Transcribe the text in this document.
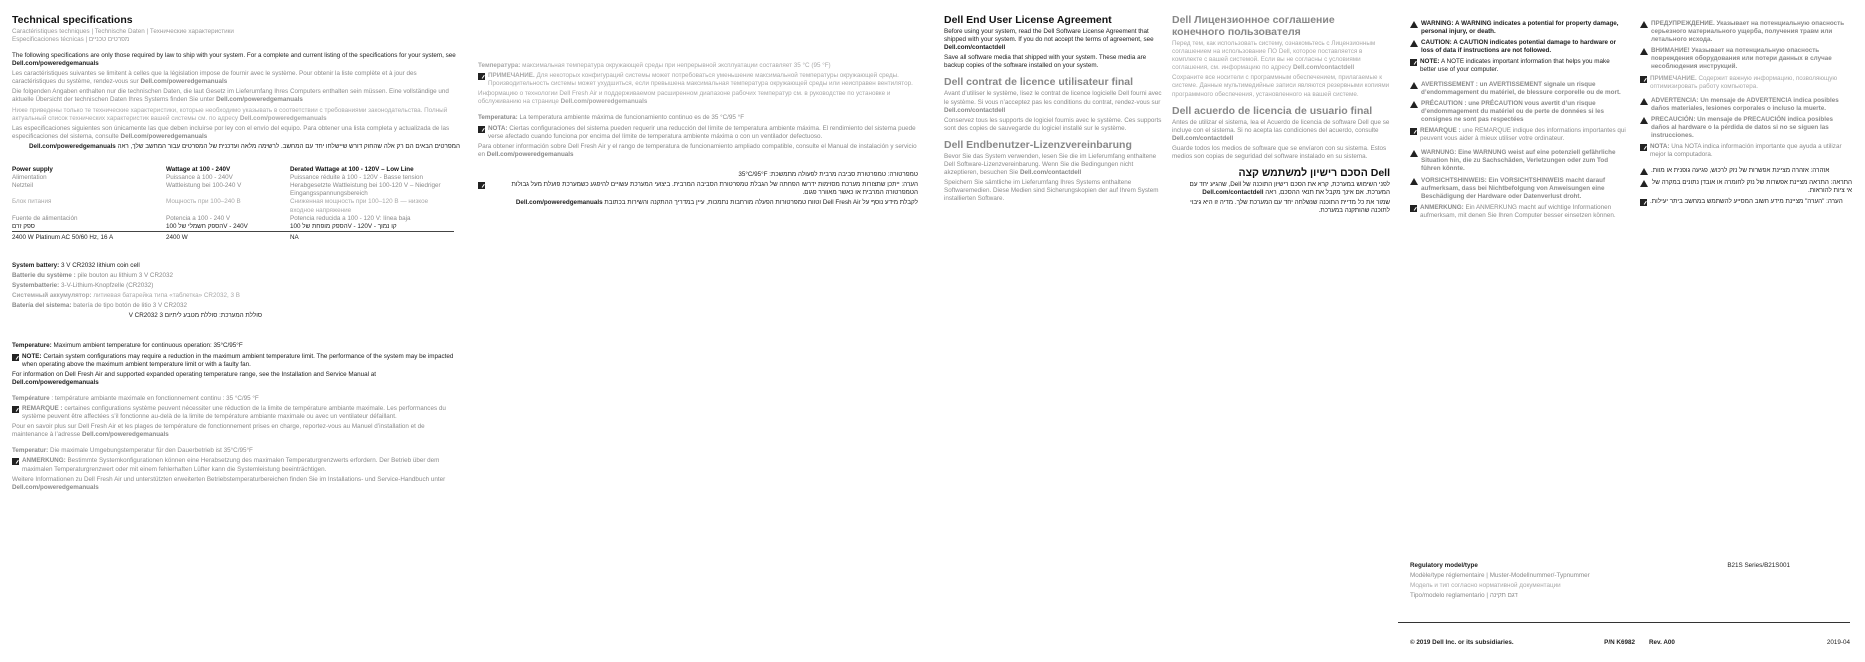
Technical specifications
Caractéristiques techniques | Technische Daten | Технические характеристики
Especificaciones técnicas | מפרטים טכניים
The following specifications are only those required by law to ship with your system. For a complete and current listing of the specifications for your system, see Dell.com/poweredgemanuals
Les caractéristiques suivantes se limitent à celles que la législation impose de fournir avec le système. Pour obtenir la liste complète et à jour des caractéristiques du système, rendez-vous sur Dell.com/poweredgemanuals
Die folgenden Angaben enthalten nur die technischen Daten, die laut Gesetz im Lieferumfang Ihres Computers enthalten sein müssen. Eine vollständige und aktuelle Übersicht der technischen Daten Ihres Systems finden Sie unter Dell.com/poweredgemanuals
Ниже приведены только те технические характеристики, которые необходимо указывать в соответствии с требованиями законодательства. Полный актуальный список технических характеристик вашей системы см. по адресу Dell.com/poweredgemanuals
Las especificaciones siguientes son únicamente las que deben incluirse por ley con el envío del equipo. Para obtener una lista completa y actualizada de las especificaciones del sistema, consulte Dell.com/poweredgemanuals
המפרטים הבאים הם רק אלה שהחוק דורש שיישלחו יחד עם המחשב. לרשימה מלאה ועדכנית של המפרטים עבור המחשב שלך, ראה Dell.com/poweredgemanuals
Power supply	Wattage at 100 - 240V	Derated Wattage at 100 - 120V – Low Line
Alimentation	Puissance à 100 - 240V	Puissance réduite à 100 - 120V - Basse tension
Netzteil	Wattleistung bei 100-240 V	Herabgesetzte Wattleistung bei 100-120 V – Niedriger Eingangsspannungsbereich
Блок питания	Мощность при 100–240 В	Сниженная мощность при 100–120 В — низкое входное напряжение
Fuente de alimentación	Potencia a 100 - 240 V	Potencia reducida a 100 - 120 V: línea baja
ספק זרם	הספק חשמלי של 100V - 240V	הספק מופחת של 100V - 120V - קו נמוך
2400 W Platinum AC 50/60 Hz, 16 A	2400 W	NA
System battery: 3 V CR2032 lithium coin cell
Batterie du système : pile bouton au lithium 3 V CR2032
Systembatterie: 3-V-Lithium-Knopfzelle (CR2032)
Системный аккумулятор: литиевая батарейка типа «таблетка» CR2032, 3 В
Batería del sistema: batería de tipo botón de litio 3 V CR2032
סוללת המערכת: סוללת מטבע ליתיום 3 V CR2032
Temperature: Maximum ambient temperature for continuous operation: 35°C/95°F
NOTE: Certain system configurations may require a reduction in the maximum ambient temperature limit. The performance of the system may be impacted when operating above the maximum ambient temperature limit or with a faulty fan.
For information on Dell Fresh Air and supported expanded operating temperature range, see the Installation and Service Manual at
Dell.com/poweredgemanuals
Température : température ambiante maximale en fonctionnement continu : 35 °C/95 °F
REMARQUE : certaines configurations système peuvent nécessiter une réduction de la limite de température ambiante maximale. Les performances du système peuvent être affectées s’il fonctionne au-delà de la limite de température ambiante maximale ou avec un ventilateur défaillant.
Pour en savoir plus sur Dell Fresh Air et les plages de température de fonctionnement prises en charge, reportez-vous au Manuel d’installation et de maintenance à l’adresse Dell.com/poweredgemanuals
Temperatur: Die maximale Umgebungstemperatur für den Dauerbetrieb ist 35°C/95°F
ANMERKUNG: Bestimmte Systemkonfigurationen können eine Herabsetzung des maximalen Temperaturgrenzwerts erfordern. Der Betrieb über dem maximalen Temperaturgrenzwert oder mit einem fehlerhaften Lüfter kann die Systemleistung beeinträchtigen.
Weitere Informationen zu Dell Fresh Air und unterstützten erweiterten Betriebstemperaturbereichen finden Sie im Installations- und Service-Handbuch unter Dell.com/poweredgemanuals
Температура: максимальная температура окружающей среды при непрерывной эксплуатации составляет 35 °C (95 °F)
ПРИМЕЧАНИЕ. Для некоторых конфигураций системы может потребоваться уменьшение максимальной температуры окружающей среды. Производительность системы может ухудшиться, если превышена максимальная температура окружающей среды или неисправен вентилятор.
Информацию о технологии Dell Fresh Air и поддерживаемом расширенном диапазоне рабочих температур см. в руководстве по установке и обслуживанию на странице Dell.com/poweredgemanuals
Temperatura: La temperatura ambiente máxima de funcionamiento continuo es de 35 °C/95 °F
NOTA: Ciertas configuraciones del sistema pueden requerir una reducción del límite de temperatura ambiente máxima. El rendimiento del sistema puede verse afectado cuando funciona por encima del límite de temperatura ambiente máxima o con un ventilador defectuoso.
Para obtener información sobre Dell Fresh Air y el rango de temperatura de funcionamiento ampliado compatible, consulte el Manual de instalación y servicio en Dell.com/poweredgemanuals
טמפרטורה: טמפרטורת סביבה מרבית לפעולה מתמשכת: 35°C/95°F
הערה: ייתכן שתצורות מערכת מסוימות ידרשו הפחתה של הגבלת טמפרטורת הסביבה המרבית. ביצועי המערכת עשויים להיפגע כשמערכת פועלת מעל גבולות הטמפרטורה המרבית או כאשר מאוורר פגום.
לקבלת מידע נוסף על Dell Fresh Air וטווח טמפרטורות הפעלה מורחבות נתמכות, עיין במדריך ההתקנה והשירות בכתובת Dell.com/poweredgemanuals
Dell End User License Agreement
Before using your system, read the Dell Software License Agreement that shipped with your system. If you do not accept the terms of agreement, see Dell.com/contactdell
Save all software media that shipped with your system. These media are backup copies of the software installed on your system.
Dell contrat de licence utilisateur final
Avant d’utiliser le système, lisez le contrat de licence logicielle Dell fourni avec le système. Si vous n’acceptez pas les conditions du contrat, rendez-vous sur Dell.com/contactdell
Conservez tous les supports de logiciel fournis avec le système. Ces supports sont des copies de sauvegarde du logiciel installé sur le système.
Dell Endbenutzer-Lizenzvereinbarung
Bevor Sie das System verwenden, lesen Sie die im Lieferumfang enthaltene Dell Software-Lizenzvereinbarung. Wenn Sie die Bedingungen nicht akzeptieren, besuchen Sie Dell.com/contactdell
Speichern Sie sämtliche im Lieferumfang Ihres Systems enthaltene Softwaremedien. Diese Medien sind Sicherungskopien der auf Ihrem System installierten Software.
Dell Лицензионное соглашение конечного пользователя
Перед тем, как использовать систему, ознакомьтесь с Лицензионным соглашением на использование ПО Dell, которое поставляется в комплекте с вашей системой. Если вы не согласны с условиями соглашения, см. информацию по адресу Dell.com/contactdell
Сохраните все носители с программным обеспечением, прилагаемые к системе. Данные мультимедийные записи являются резервными копиями программного обеспечения, установленного на вашей системе.
Dell acuerdo de licencia de usuario final
Antes de utilizar el sistema, lea el Acuerdo de licencia de software Dell que se incluye con el sistema. Si no acepta las condiciones del acuerdo, consulte Dell.com/contactdell
Guarde todos los medios de software que se envíaron con su sistema. Estos medios son copias de seguridad del software instalado en su sistema.
Dell הסכם רישיון למשתמש קצה
לפני השימוש במערכת, קרא את הסכם רישיון התוכנה של Dell, שהגיע יחד עם המערכת. אם אינך מקבל את תנאי ההסכם, ראה Dell.com/contactdell
שמור את כל מדיית התוכנה שנשלחה יחד עם המערכת שלך. מדיה זו היא גיבוי לתוכנה שהותקנה במערכת.
WARNING: A WARNING indicates a potential for property damage, personal injury, or death.
CAUTION: A CAUTION indicates potential damage to hardware or loss of data if instructions are not followed.
NOTE: A NOTE indicates important information that helps you make better use of your computer.
AVERTISSEMENT : un AVERTISSEMENT signale un risque d’endommagement du matériel, de blessure corporelle ou de mort.
PRÉCAUTION : une PRÉCAUTION vous avertit d’un risque d’endommagement du matériel ou de perte de données si les consignes ne sont pas respectées
REMARQUE : une REMARQUE indique des informations importantes qui peuvent vous aider à mieux utiliser votre ordinateur.
WARNUNG: Eine WARNUNG weist auf eine potenziell gefährliche Situation hin, die zu Sachschäden, Verletzungen oder zum Tod führen könnte.
VORSICHTSHINWEIS: Ein VORSICHTSHINWEIS macht darauf aufmerksam, dass bei Nichtbefolgung von Anweisungen eine Beschädigung der Hardware oder Datenverlust droht.
ANMERKUNG: Ein ANMERKUNG macht auf wichtige Informationen aufmerksam, mit denen Sie Ihren Computer besser einsetzen können.
ПРЕДУПРЕЖДЕНИЕ. Указывает на потенциальную опасность серьезного материального ущерба, получения травм или летального исхода.
ВНИМАНИЕ! Указывает на потенциальную опасность повреждения оборудования или потери данных в случае несоблюдения инструкций.
ПРИМЕЧАНИЕ. Содержит важную информацию, позволяющую оптимизировать работу компьютера.
ADVERTENCIA: Un mensaje de ADVERTENCIA indica posibles daños materiales, lesiones corporales o incluso la muerte.
PRECAUCIÓN: Un mensaje de PRECAUCIÓN indica posibles daños al hardware o la pérdida de datos si no se siguen las instrucciones.
NOTA: Una NOTA indica información importante que ayuda a utilizar mejor la computadora.
אזהרה: אזהרה מציינת אפשרות של נזק לרכוש, פגיעה גופנית או מוות.
התראה: התראה מציינת אפשרות של נזק לחומרה או אובדן נתונים במקרה של אי ציות להוראות.
הערה: "הערה" מציינת מידע חשוב המסייע להשתמש במחשב ביתר יעילות.
Regulatory model/type	B21S Series/B21S001
Modèle/type réglementaire | Muster-Modellnummer/-Typnummer
Модель и тип согласно нормативной документации
Tipo/modelo reglamentario | דגם תקינה
© 2019 Dell Inc. or its subsidiaries.	P/N K6982 Rev. A00	2019-04
